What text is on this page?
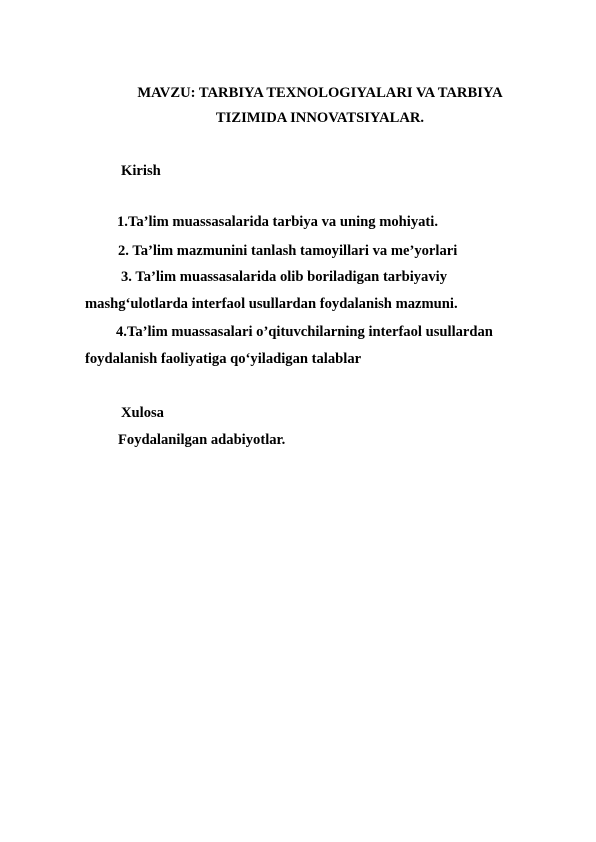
MAVZU: TARBIYA TEXNOLOGIYALARI VA TARBIYA
TIZIMIDA INNOVATSIYALAR.
Kirish
1.Ta’lim muassasalarida tarbiya va uning mohiyati.
2. Ta’lim mazmunini tanlash tamoyillari va me’yorlari
3. Ta’lim muassasalarida olib boriladigan tarbiyaviy
mashg‘ulotlarda interfaol usullardan foydalanish mazmuni.
4.Ta’lim muassasalari o’qituvchilarning interfaol usullardan
foydalanish faoliyatiga qo‘yiladigan talablar
Xulosa
Foydalanilgan adabiyotlar.
